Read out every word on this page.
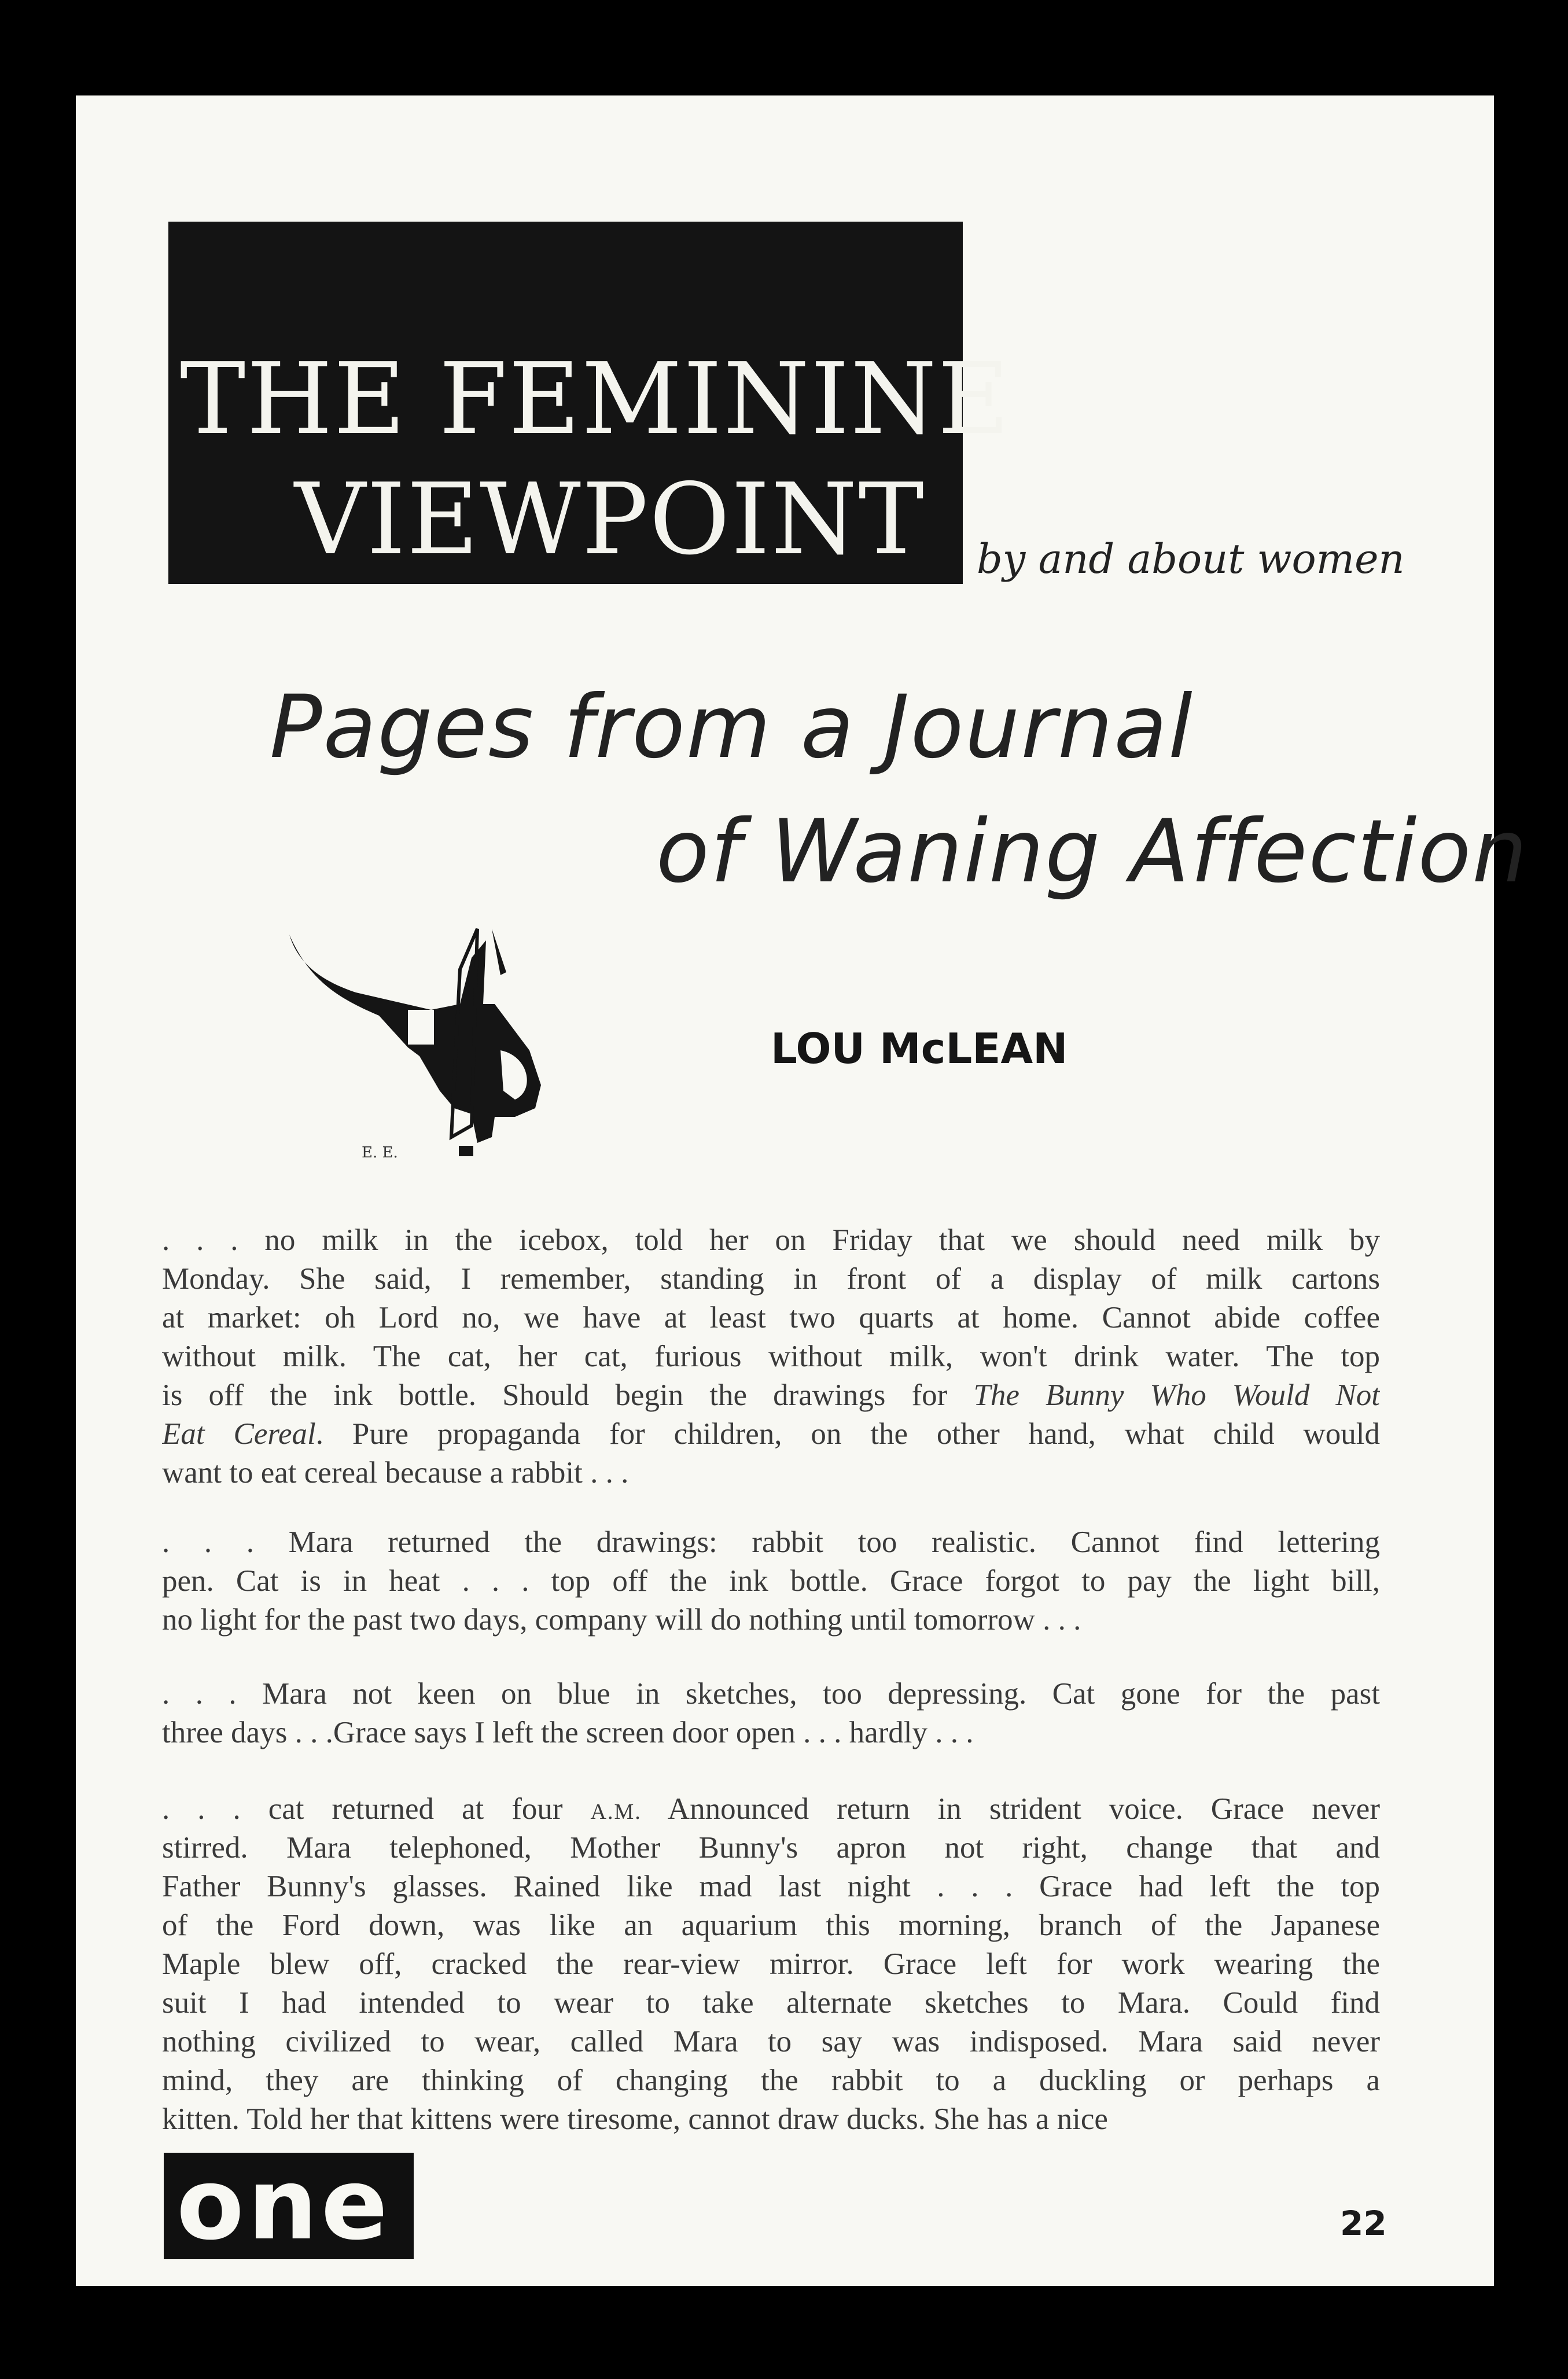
THE FEMININE
VIEWPOINT by and about women
Pages from a Journal
of Waning Affection
E. E.
LOU McLEAN
. . . no milk in the icebox, told her on Friday that we should need milk by
Monday. She said, I remember, standing in front of a display of milk cartons
at market: oh Lord no, we have at least two quarts at home. Cannot abide coffee
without milk. The cat, her cat, furious without milk, won't drink water. The top
is off the ink bottle. Should begin the drawings for The Bunny Who Would Not
Eat Cereal. Pure propaganda for children, on the other hand, what child would
want to eat cereal because a rabbit . . .
. . . Mara returned the drawings: rabbit too realistic. Cannot find lettering
pen. Cat is in heat . . . top off the ink bottle. Grace forgot to pay the light bill,
no light for the past two days, company will do nothing until tomorrow . . .
. . . Mara not keen on blue in sketches, too depressing. Cat gone for the past
three days . . .Grace says I left the screen door open . . . hardly . . .
. . . cat returned at four A.M. Announced return in strident voice. Grace never
stirred. Mara telephoned, Mother Bunny's apron not right, change that and
Father Bunny's glasses. Rained like mad last night . . . Grace had left the top
of the Ford down, was like an aquarium this morning, branch of the Japanese
Maple blew off, cracked the rear-view mirror. Grace left for work wearing the
suit I had intended to wear to take alternate sketches to Mara. Could find
nothing civilized to wear, called Mara to say was indisposed. Mara said never
mind, they are thinking of changing the rabbit to a duckling or perhaps a
kitten. Told her that kittens were tiresome, cannot draw ducks. She has a nice
one	22
